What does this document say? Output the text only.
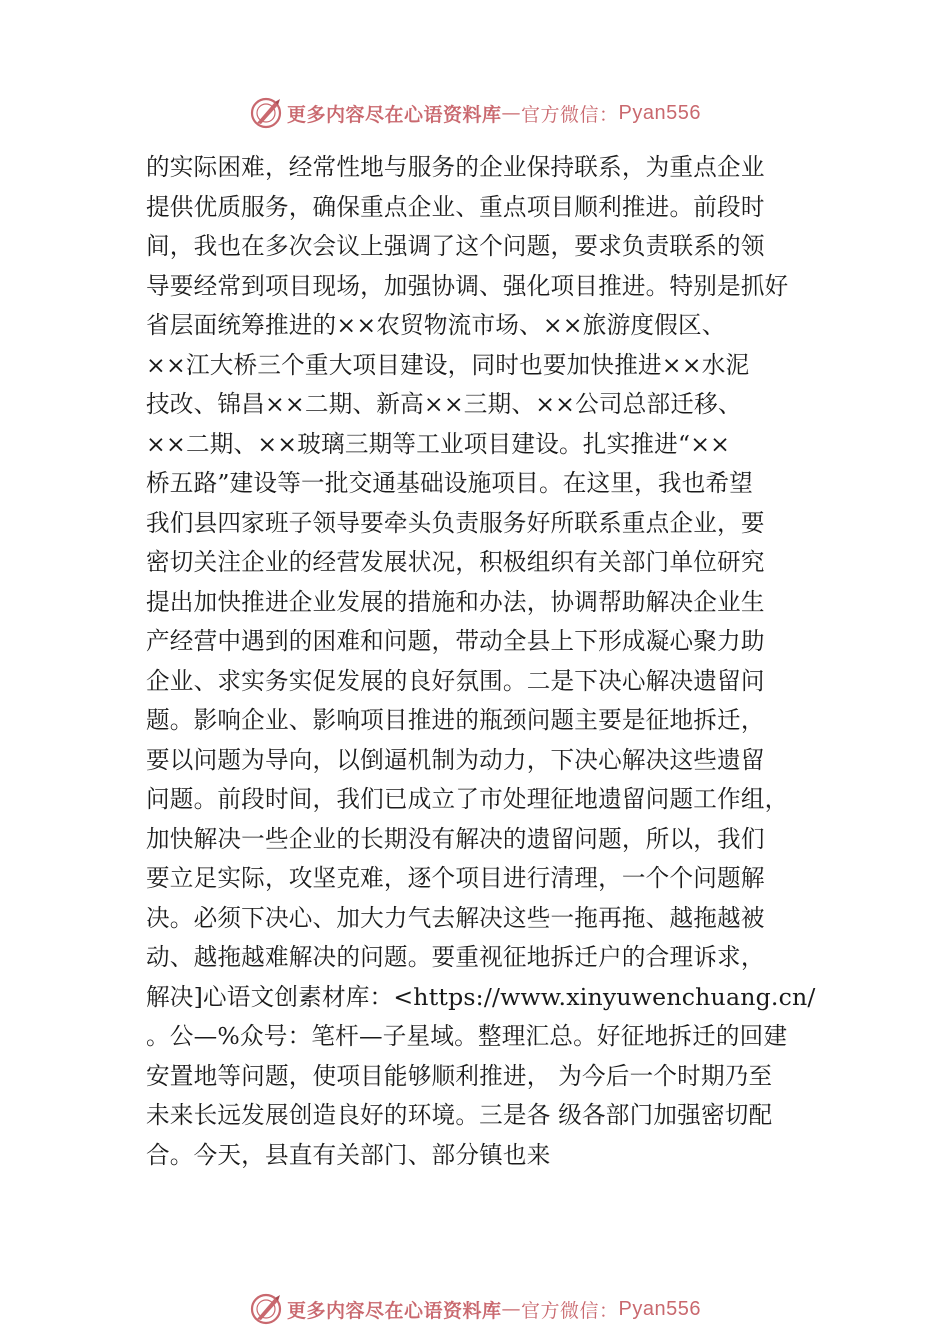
更多内容尽在心语资料库 — 官方微信： Pyan556
的实际困难，经常性地与服务的企业保持联系，为重点企业
提供优质服务，确保重点企业、重点项目顺利推进。前段时
间，我也在多次会议上强调了这个问题，要求负责联系的领
导要经常到项目现场，加强协调、强化项目推进。特别是抓好
省层面统筹推进的××农贸物流市场、××旅游度假区、
××江大桥三个重大项目建设，同时也要加快推进××水泥
技改、锦昌××二期、新高××三期、××公司总部迁移、
××二期、××玻璃三期等工业项目建设。扎实推进“××
桥五路”建设等一批交通基础设施项目。在这里，我也希望
我们县四家班子领导要牵头负责服务好所联系重点企业，要
密切关注企业的经营发展状况，积极组织有关部门单位研究
提出加快推进企业发展的措施和办法，协调帮助解决企业生
产经营中遇到的困难和问题，带动全县上下形成凝心聚力助
企业、求实务实促发展的良好氛围。二是下决心解决遗留问
题。影响企业、影响项目推进的瓶颈问题主要是征地拆迁，
要以问题为导向，以倒逼机制为动力，下决心解决这些遗留
问题。前段时间，我们已成立了市处理征地遗留问题工作组，
加快解决一些企业的长期没有解决的遗留问题，所以，我们
要立足实际，攻坚克难，逐个项目进行清理，一个个问题解
决。必须下决心、加大力气去解决这些一拖再拖、越拖越被
动、越拖越难解决的问题。要重视征地拆迁户的合理诉求，
解决]心语文创素材库：<https://www.xinyuwenchuang.cn/
。公—%众号：笔杆—子星域。整理汇总。好征地拆迁的回建
安置地等问题，使项目能够顺利推进， 为今后一个时期乃至
未来长远发展创造良好的环境。三是各 级各部门加强密切配
合。今天，县直有关部门、部分镇也来
更多内容尽在心语资料库 — 官方微信： Pyan556
